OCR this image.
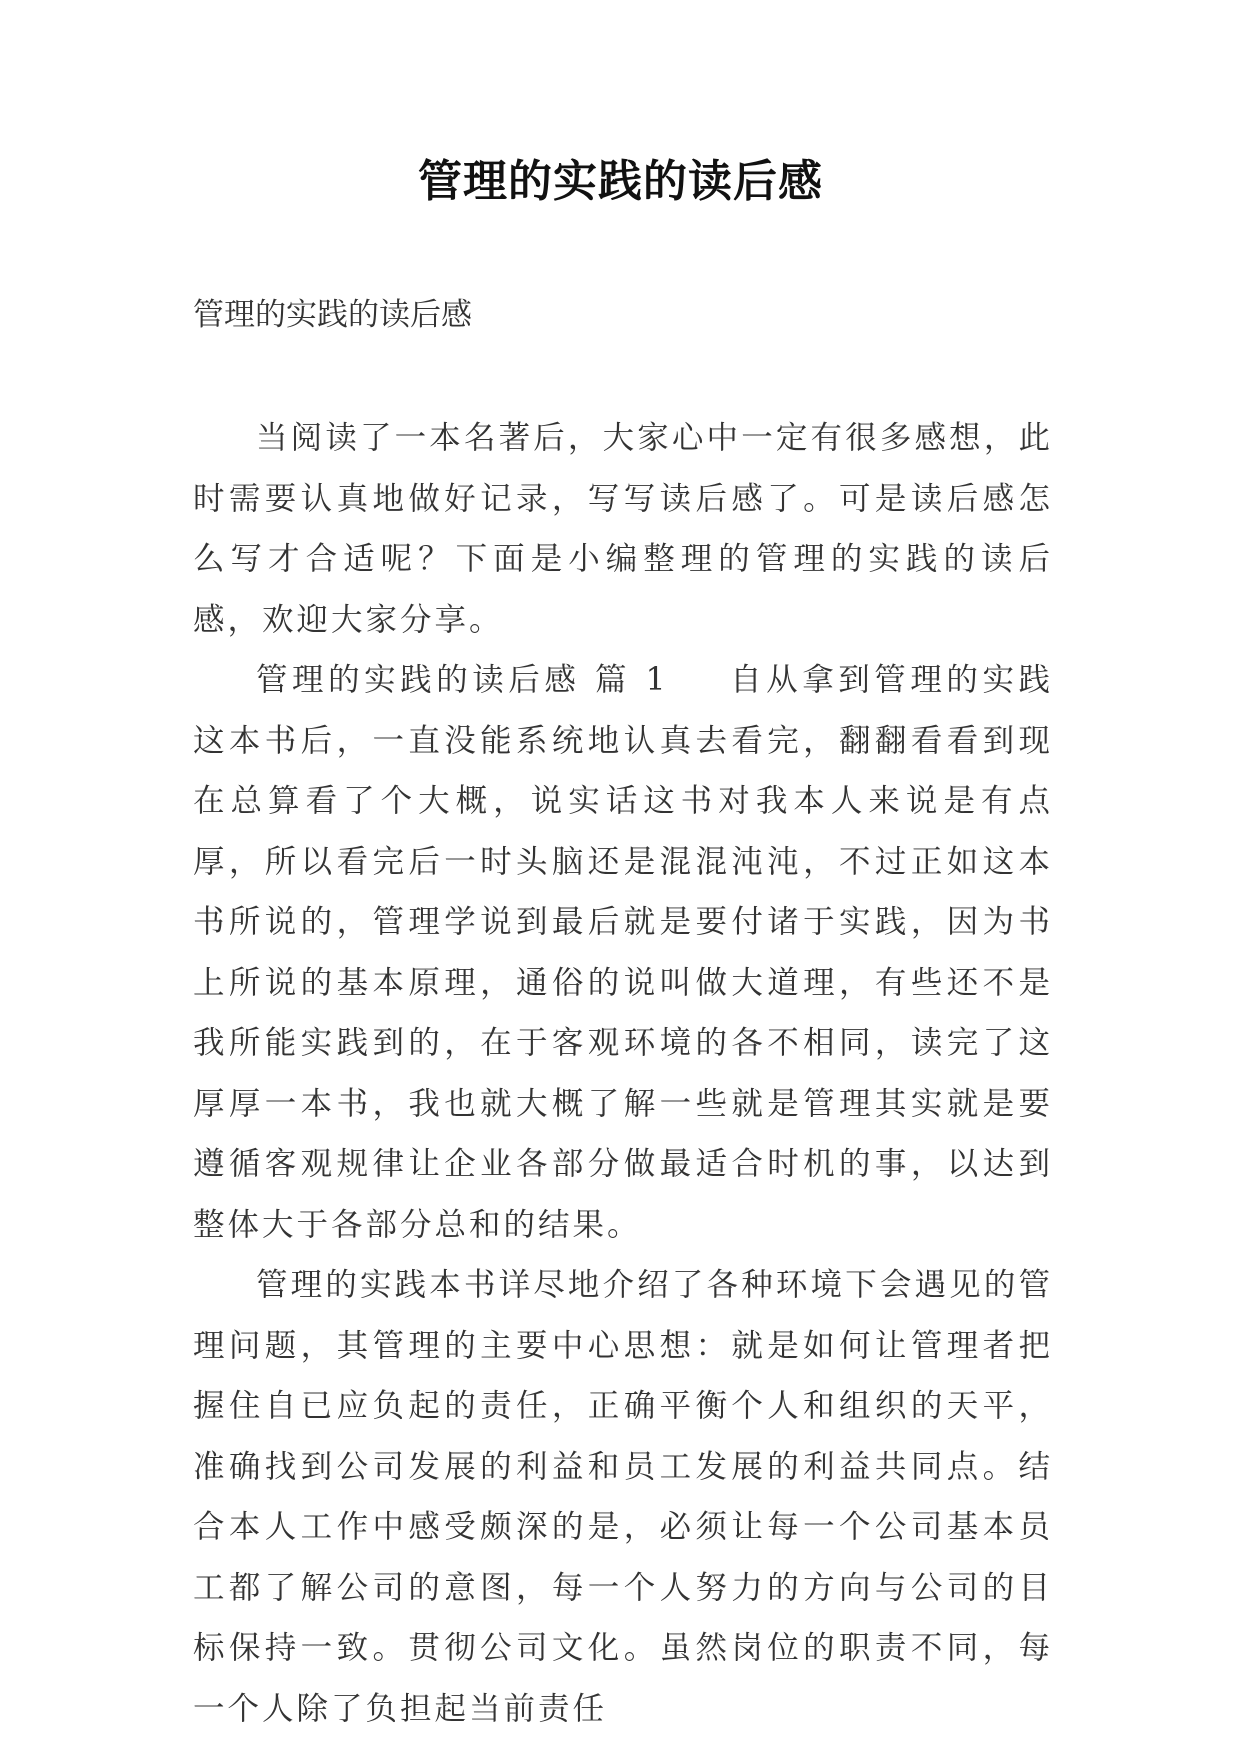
管理的实践的读后感
管理的实践的读后感

当阅读了一本名著后，大家心中一定有很多感想，此时需要认真地做好记录，写写读后感了。可是读后感怎么写才合适呢？下面是小编整理的管理的实践的读后感，欢迎大家分享。

管理的实践的读后感 篇 1 自从拿到管理的实践这本书后，一直没能系统地认真去看完，翻翻看看到现在总算看了个大概，说实话这书对我本人来说是有点厚，所以看完后一时头脑还是混混沌沌，不过正如这本书所说的，管理学说到最后就是要付诸于实践，因为书上所说的基本原理，通俗的说叫做大道理，有些还不是我所能实践到的，在于客观环境的各不相同，读完了这厚厚一本书，我也就大概了解一些就是管理其实就是要遵循客观规律让企业各部分做最适合时机的事，以达到整体大于各部分总和的结果。

管理的实践本书详尽地介绍了各种环境下会遇见的管理问题，其管理的主要中心思想：就是如何让管理者把握住自已应负起的责任，正确平衡个人和组织的天平，准确找到公司发展的利益和员工发展的利益共同点。结合本人工作中感受颇深的是，必须让每一个公司基本员工都了解公司的意图，每一个人努力的方向与公司的目标保持一致。贯彻公司文化。虽然岗位的职责不同，每一个人除了负担起当前责任
